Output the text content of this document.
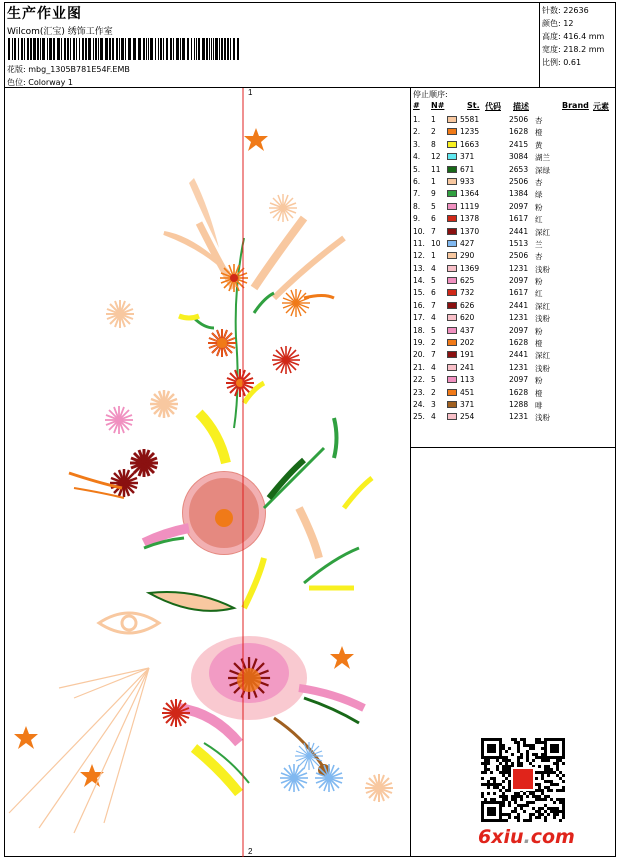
生产作业图
Wilcom(汇宝) 绣饰工作室
花版: mbg_1305B781E54F.EMB
色位: Colorway 1
针数: 22636
颜色: 12
高度: 416.4 mm
宽度: 218.2 mm
比例: 0.61
1
2
停止顺序:
# N#	St. 代码 描述	Brand 元素
1. 1	5581	2506 杏
2. 2	1235	1628 橙
3. 8	1663	2415 黄
4. 12	371	3084 湖兰
5. 11	671	2653 深绿
6. 1	933	2506 杏
7. 9	1364	1384 绿
8. 5	1119	2097 粉
9. 6	1378	1617 红
10. 7	1370	2441 深红
11. 10	427	1513 兰
12. 1	290	2506 杏
13. 4	1369	1231 浅粉
14. 5	625	2097 粉
15. 6	732	1617 红
16. 7	626	2441 深红
17. 4	620	1231 浅粉
18. 5	437	2097 粉
19. 2	202	1628 橙
20. 7	191	2441 深红
21. 4	241	1231 浅粉
22. 5	113	2097 粉
23. 2	451	1628 橙
24. 3	371	1288 啡
25. 4	254	1231 浅粉
6xiu.com
